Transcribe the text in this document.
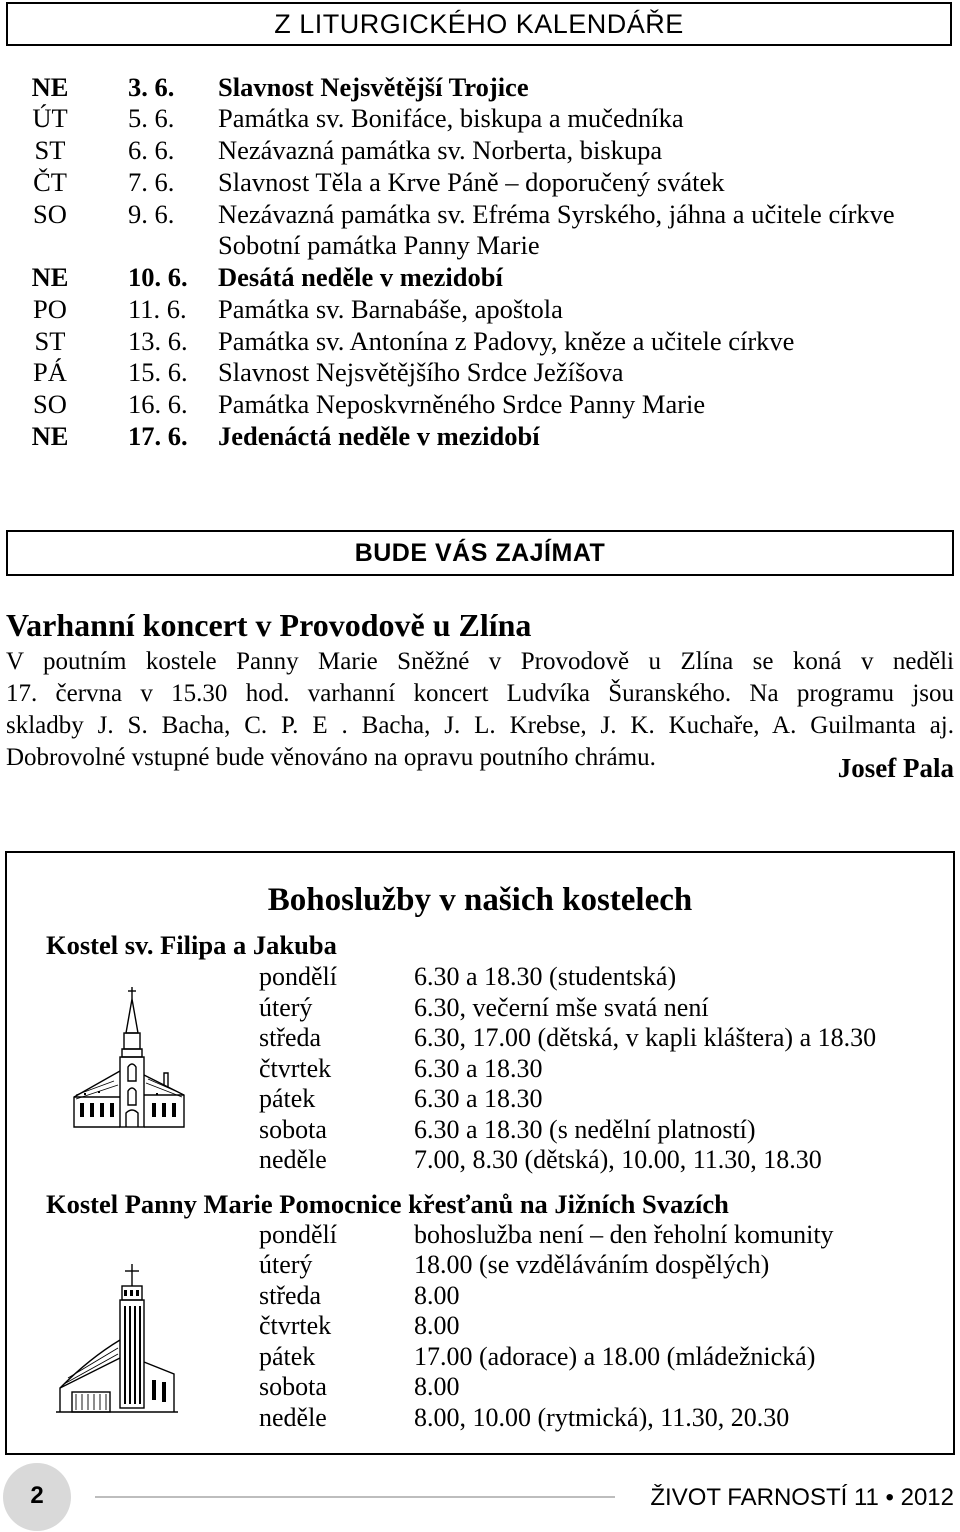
Z LITURGICKÉHO KALENDÁŘE
NE	3. 6. Slavnost Nejsvětější Trojice
ÚT	5. 6. Památka sv. Bonifáce, biskupa a mučedníka
ST	6. 6. Nezávazná památka sv. Norberta, biskupa
ČT	7. 6. Slavnost Těla a Krve Páně – doporučený svátek
SO	9. 6. Nezávazná památka sv. Efréma Syrského, jáhna a učitele církve
Sobotní památka Panny Marie
NE	10. 6. Desátá neděle v mezidobí
PO	11. 6. Památka sv. Barnabáše, apoštola
ST	13. 6. Památka sv. Antonína z Padovy, kněze a učitele církve
PÁ	15. 6. Slavnost Nejsvětějšího Srdce Ježíšova
SO	16. 6. Památka Neposkvrněného Srdce Panny Marie
NE	17. 6. Jedenáctá neděle v mezidobí
BUDE VÁS ZAJÍMAT
Varhanní koncert v Provodově u Zlína
V poutním kostele Panny Marie Sněžné v Provodově u Zlína se koná v neděli
17. června v 15.30 hod. varhanní koncert Ludvíka Šuranského. Na programu jsou
skladby J. S. Bacha, C. P. E . Bacha, J. L. Krebse, J. K. Kuchaře, A. Guilmanta aj.
Dobrovolné vstupné bude věnováno na opravu poutního chrámu.	Josef Pala
Bohoslužby v našich kostelech
Kostel sv. Filipa a Jakuba
pondělí	6.30 a 18.30 (studentská)
úterý	6.30, večerní mše svatá není
středa	6.30, 17.00 (dětská, v kapli kláštera) a 18.30
čtvrtek	6.30 a 18.30
pátek	6.30 a 18.30
sobota	6.30 a 18.30 (s nedělní platností)
neděle	7.00, 8.30 (dětská), 10.00, 11.30, 18.30
Kostel Panny Marie Pomocnice křesťanů na Jižních Svazích
pondělí	bohoslužba není – den řeholní komunity
úterý	18.00 (se vzděláváním dospělých)
středa	8.00
čtvrtek	8.00
pátek	17.00 (adorace) a 18.00 (mládežnická)
sobota	8.00
neděle	8.00, 10.00 (rytmická), 11.30, 20.30
2	ŽIVOT FARNOSTÍ 11 • 2012
